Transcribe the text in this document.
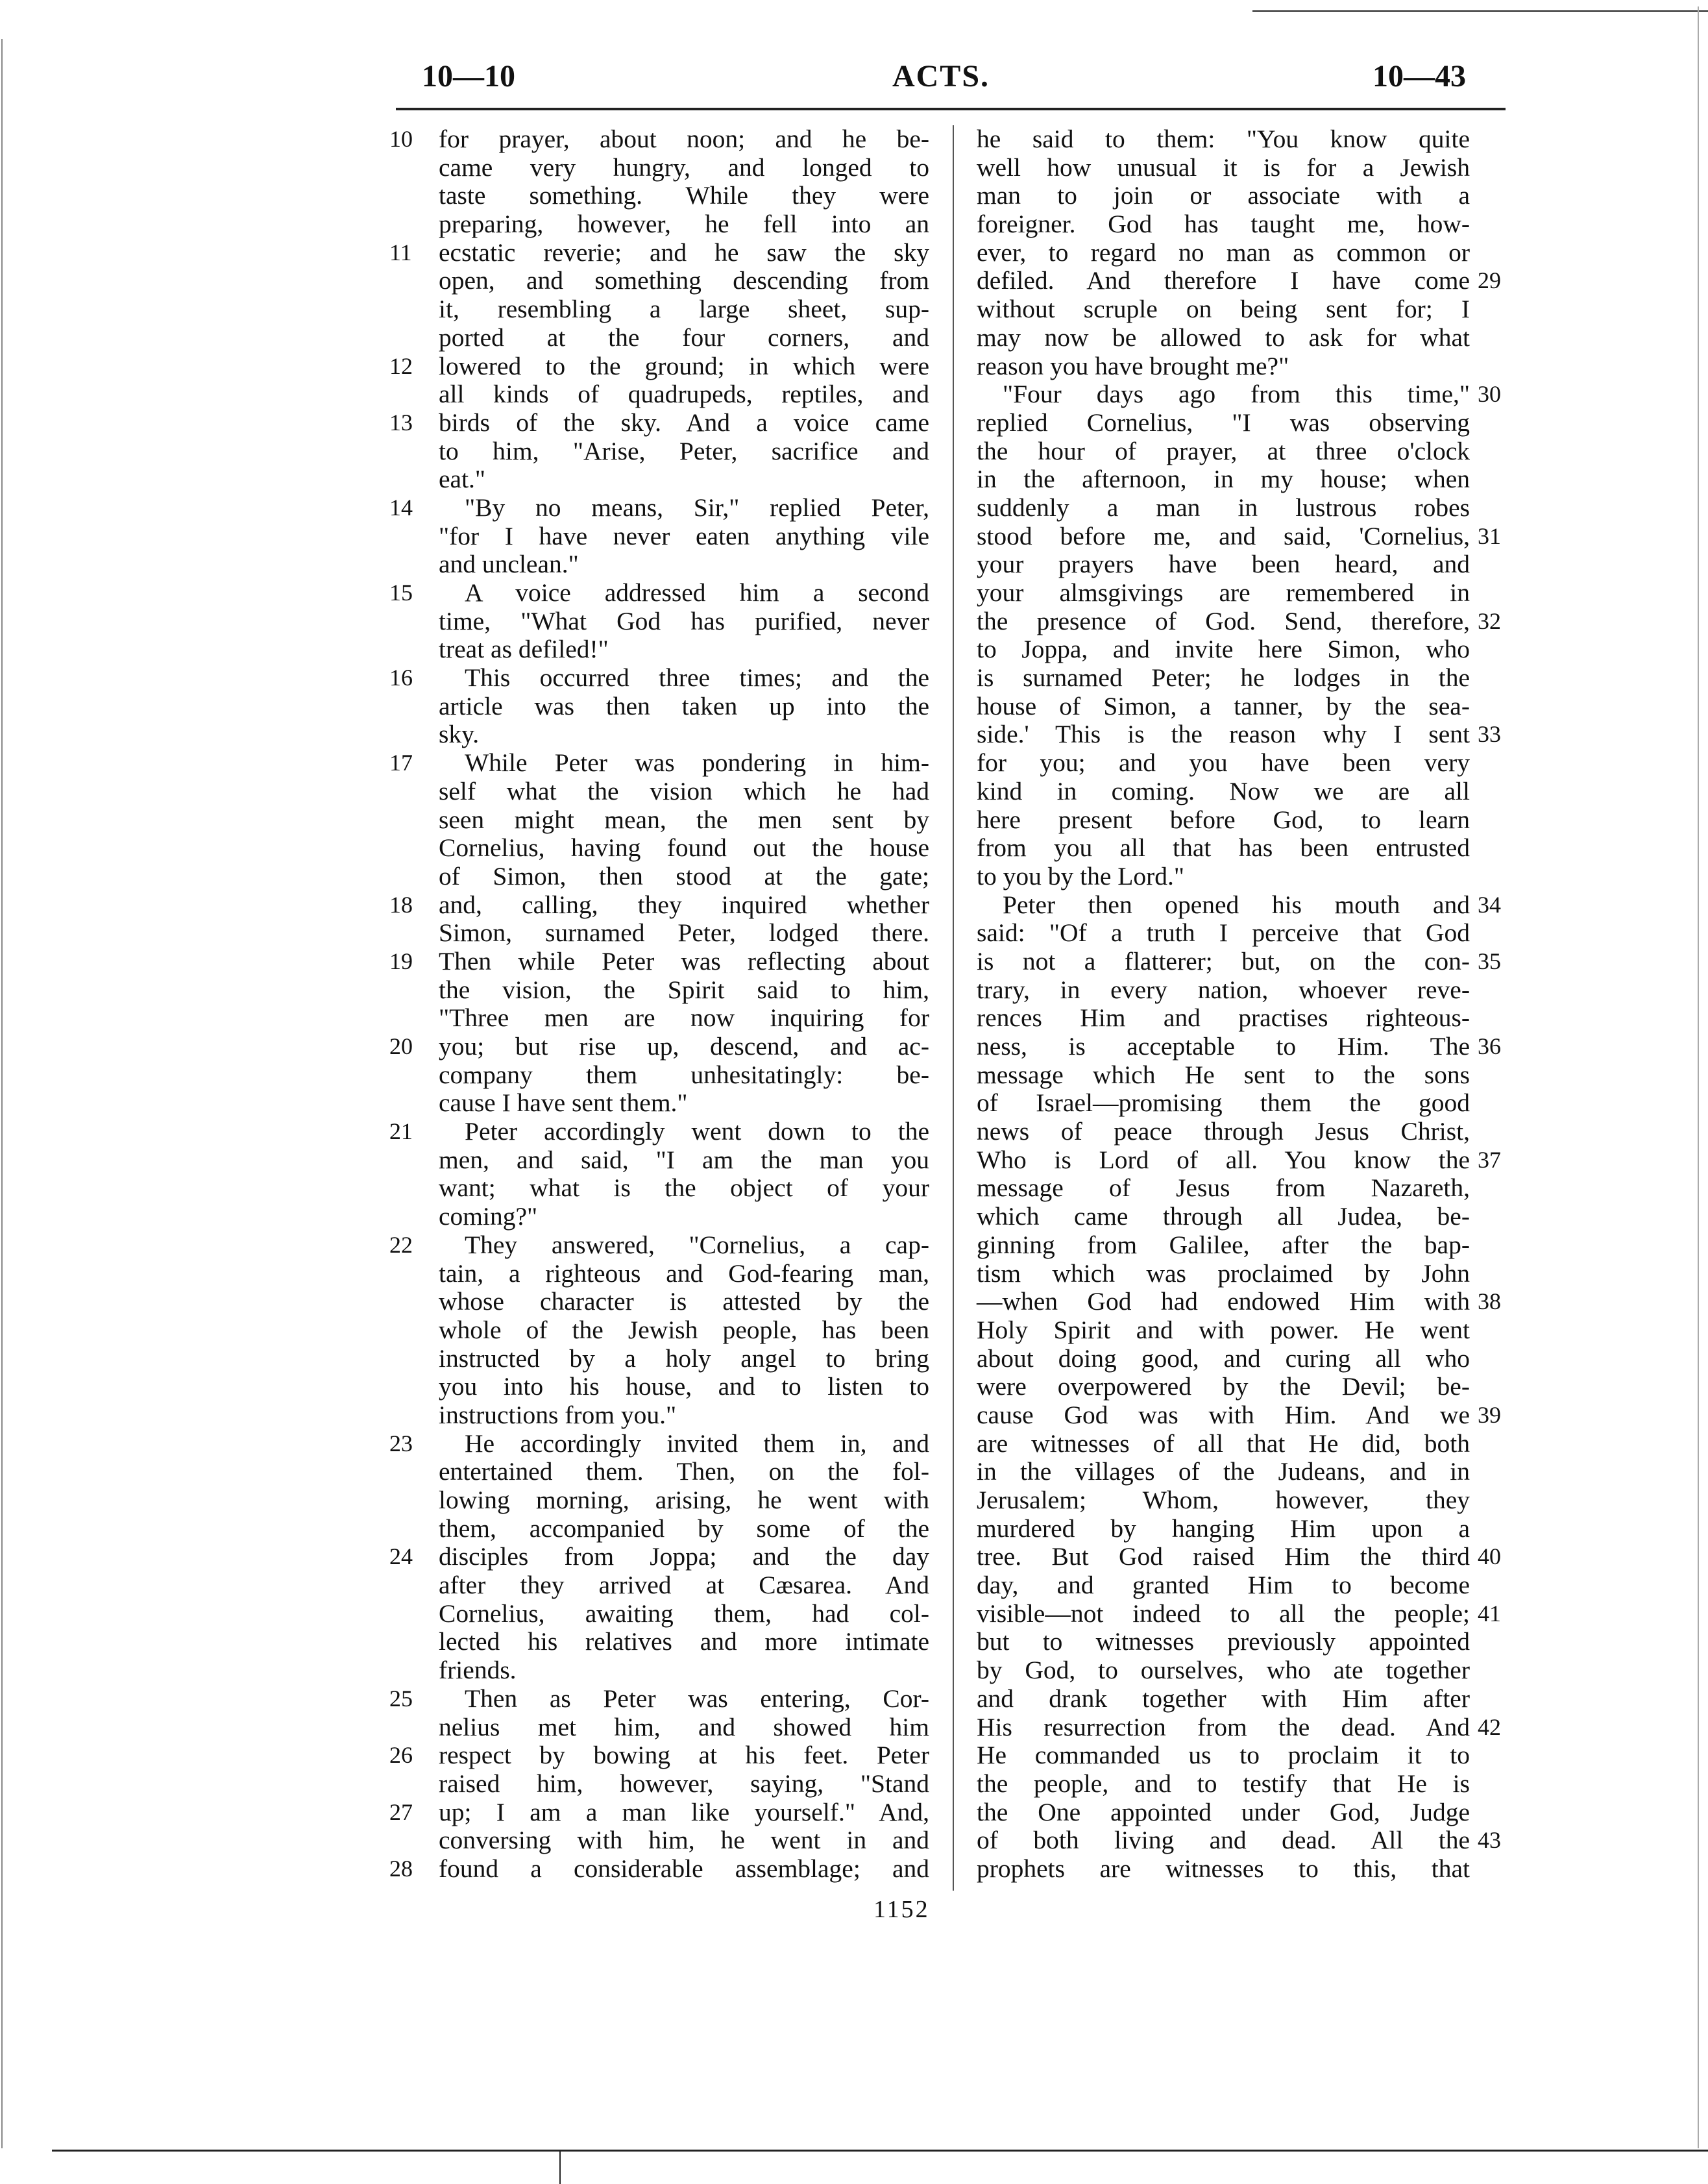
10—10	ACTS.	10—43
10
11
12
13
14
15
16
17
18
19
20
21
22
23
24
25
26
27
28
for prayer, about noon; and he be-
came very hungry, and longed to
taste something. While they were
preparing, however, he fell into an
ecstatic reverie; and he saw the sky
open, and something descending from
it, resembling a large sheet, sup-
ported at the four corners, and
lowered to the ground; in which were
all kinds of quadrupeds, reptiles, and
birds of the sky. And a voice came
to him, "Arise, Peter, sacrifice and
eat."
"By no means, Sir," replied Peter,
"for I have never eaten anything vile
and unclean."
A voice addressed him a second
time, "What God has purified, never
treat as defiled!"
This occurred three times; and the
article was then taken up into the
sky.
While Peter was pondering in him-
self what the vision which he had
seen might mean, the men sent by
Cornelius, having found out the house
of Simon, then stood at the gate;
and, calling, they inquired whether
Simon, surnamed Peter, lodged there.
Then while Peter was reflecting about
the vision, the Spirit said to him,
"Three men are now inquiring for
you; but rise up, descend, and ac-
company them unhesitatingly: be-
cause I have sent them."
Peter accordingly went down to the
men, and said, "I am the man you
want; what is the object of your
coming?"
They answered, "Cornelius, a cap-
tain, a righteous and God-fearing man,
whose character is attested by the
whole of the Jewish people, has been
instructed by a holy angel to bring
you into his house, and to listen to
instructions from you."
He accordingly invited them in, and
entertained them. Then, on the fol-
lowing morning, arising, he went with
them, accompanied by some of the
disciples from Joppa; and the day
after they arrived at Cæsarea. And
Cornelius, awaiting them, had col-
lected his relatives and more intimate
friends.
Then as Peter was entering, Cor-
nelius met him, and showed him
respect by bowing at his feet. Peter
raised him, however, saying, "Stand
up; I am a man like yourself." And,
conversing with him, he went in and
found a considerable assemblage; and
he said to them: "You know quite
well how unusual it is for a Jewish
man to join or associate with a
foreigner. God has taught me, how-
ever, to regard no man as common or
defiled. And therefore I have come
without scruple on being sent for; I
may now be allowed to ask for what
reason you have brought me?"
"Four days ago from this time,"
replied Cornelius, "I was observing
the hour of prayer, at three o'clock
in the afternoon, in my house; when
suddenly a man in lustrous robes
stood before me, and said, 'Cornelius,
your prayers have been heard, and
your almsgivings are remembered in
the presence of God. Send, therefore,
to Joppa, and invite here Simon, who
is surnamed Peter; he lodges in the
house of Simon, a tanner, by the sea-
side.' This is the reason why I sent
for you; and you have been very
kind in coming. Now we are all
here present before God, to learn
from you all that has been entrusted
to you by the Lord."
Peter then opened his mouth and
said: "Of a truth I perceive that God
is not a flatterer; but, on the con-
trary, in every nation, whoever reve-
rences Him and practises righteous-
ness, is acceptable to Him. The
message which He sent to the sons
of Israel—promising them the good
news of peace through Jesus Christ,
Who is Lord of all. You know the
message of Jesus from Nazareth,
which came through all Judea, be-
ginning from Galilee, after the bap-
tism which was proclaimed by John
—when God had endowed Him with
Holy Spirit and with power. He went
about doing good, and curing all who
were overpowered by the Devil; be-
cause God was with Him. And we
are witnesses of all that He did, both
in the villages of the Judeans, and in
Jerusalem; Whom, however, they
murdered by hanging Him upon a
tree. But God raised Him the third
day, and granted Him to become
visible—not indeed to all the people;
but to witnesses previously appointed
by God, to ourselves, who ate together
and drank together with Him after
His resurrection from the dead. And
He commanded us to proclaim it to
the people, and to testify that He is
the One appointed under God, Judge
of both living and dead. All the
prophets are witnesses to this, that
29
30
31
32
33
34
35
36
37
38
39
40
41
42
43
1152
